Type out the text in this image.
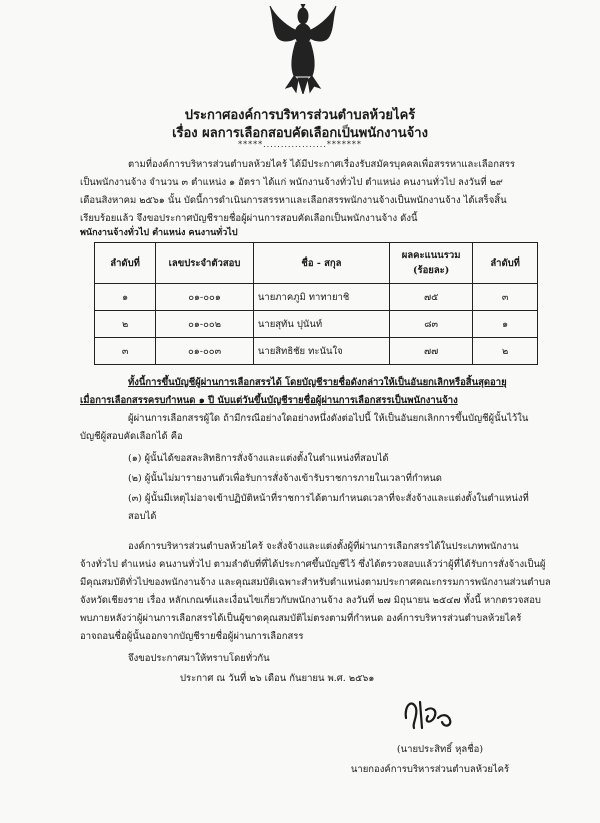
ประกาศองค์การบริหารส่วนตำบลห้วยไคร้
เรื่อง ผลการเลือกสอบคัดเลือกเป็นพนักงานจ้าง
*****..................*******
ตามที่องค์การบริหารส่วนตำบลห้วยไคร้ ได้มีประกาศเรื่องรับสมัครบุคคลเพื่อสรรหาและเลือกสรร
เป็นพนักงานจ้าง จำนวน ๓ ตำแหน่ง ๑ อัตรา ได้แก่ พนักงานจ้างทั่วไป ตำแหน่ง คนงานทั่วไป ลงวันที่ ๒๙
เดือนสิงหาคม ๒๕๖๑ นั้น บัดนี้การดำเนินการสรรหาและเลือกสรรพนักงานจ้างเป็นพนักงานจ้าง ได้เสร็จสิ้น
เรียบร้อยแล้ว จึงขอประกาศบัญชีรายชื่อผู้ผ่านการสอบคัดเลือกเป็นพนักงานจ้าง ดังนี้
พนักงานจ้างทั่วไป ตำแหน่ง คนงานทั่วไป
ลำดับที่	เลขประจำตัวสอบ	ชื่อ - สกุล	ผลคะแนนรวม (ร้อยละ)	ลำดับที่
๑	๐๑-๐๐๑	นายภาคภูมิ ทาทายาชิ	๗๕	๓
๒	๐๑-๐๐๒	นายสุทัน ปุนันท์	๘๓	๑
๓	๐๑-๐๐๓	นายสิทธิชัย ทะนันใจ	๗๗	๒
ทั้งนี้การขึ้นบัญชีผู้ผ่านการเลือกสรรได้ โดยบัญชีรายชื่อดังกล่าวให้เป็นอันยกเลิกหรือสิ้นสุดอายุ
เมื่อการเลือกสรรครบกำหนด ๑ ปี นับแต่วันขึ้นบัญชีรายชื่อผู้ผ่านการเลือกสรรเป็นพนักงานจ้าง
ผู้ผ่านการเลือกสรรผู้ใด ถ้ามีกรณีอย่างใดอย่างหนึ่งดังต่อไปนี้ ให้เป็นอันยกเลิกการขึ้นบัญชีผู้นั้นไว้ใน
บัญชีผู้สอบคัดเลือกได้ คือ
(๑) ผู้นั้นได้ขอสละสิทธิการสั่งจ้างและแต่งตั้งในตำแหน่งที่สอบได้
(๒) ผู้นั้นไม่มารายงานตัวเพื่อรับการสั่งจ้างเข้ารับราชการภายในเวลาที่กำหนด
(๓) ผู้นั้นมีเหตุไม่อาจเข้าปฏิบัติหน้าที่ราชการได้ตามกำหนดเวลาที่จะสั่งจ้างและแต่งตั้งในตำแหน่งที่
สอบได้
องค์การบริหารส่วนตำบลห้วยไคร้ จะสั่งจ้างและแต่งตั้งผู้ที่ผ่านการเลือกสรรได้ในประเภทพนักงาน
จ้างทั่วไป ตำแหน่ง คนงานทั่วไป ตามลำดับที่ที่ได้ประกาศขึ้นบัญชีไว้ ซึ่งได้ตรวจสอบแล้วว่าผู้ที่ได้รับการสั่งจ้างเป็นผู้
มีคุณสมบัติทั่วไปของพนักงานจ้าง และคุณสมบัติเฉพาะสำหรับตำแหน่งตามประกาศคณะกรรมการพนักงานส่วนตำบล
จังหวัดเชียงราย เรื่อง หลักเกณฑ์และเงื่อนไขเกี่ยวกับพนักงานจ้าง ลงวันที่ ๒๗ มิถุนายน ๒๕๔๗ ทั้งนี้ หากตรวจสอบ
พบภายหลังว่าผู้ผ่านการเลือกสรรได้เป็นผู้ขาดคุณสมบัติไม่ตรงตามที่กำหนด องค์การบริหารส่วนตำบลห้วยไคร้
อาจถอนชื่อผู้นั้นออกจากบัญชีรายชื่อผู้ผ่านการเลือกสรร
จึงขอประกาศมาให้ทราบโดยทั่วกัน
ประกาศ ณ วันที่ ๒๖ เดือน กันยายน พ.ศ. ๒๕๖๑
(นายประสิทธิ์ หุลชื่อ)
นายกองค์การบริหารส่วนตำบลห้วยไคร้
